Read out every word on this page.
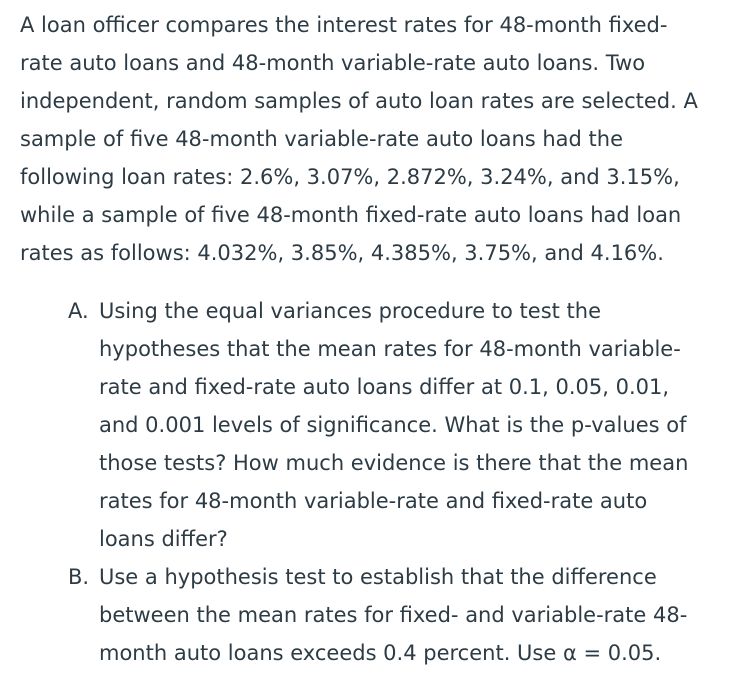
A loan officer compares the interest rates for 48-month fixed-
rate auto loans and 48-month variable-rate auto loans. Two
independent, random samples of auto loan rates are selected. A
sample of five 48-month variable-rate auto loans had the
following loan rates: 2.6%, 3.07%, 2.872%, 3.24%, and 3.15%,
while a sample of five 48-month fixed-rate auto loans had loan
rates as follows: 4.032%, 3.85%, 4.385%, 3.75%, and 4.16%.

A. Using the equal variances procedure to test the
hypotheses that the mean rates for 48-month variable-
rate and fixed-rate auto loans differ at 0.1, 0.05, 0.01,
and 0.001 levels of significance. What is the p-values of
those tests? How much evidence is there that the mean
rates for 48-month variable-rate and fixed-rate auto
loans differ?
B. Use a hypothesis test to establish that the difference
between the mean rates for fixed- and variable-rate 48-
month auto loans exceeds 0.4 percent. Use α = 0.05.
